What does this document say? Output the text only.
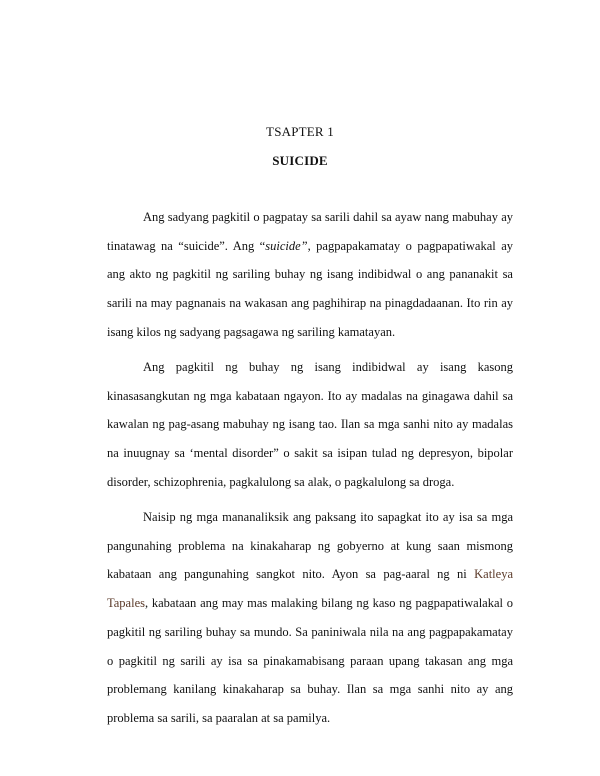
TSAPTER 1
SUICIDE

Ang sadyang pagkitil o pagpatay sa sarili dahil sa ayaw nang mabuhay ay tinatawag na “suicide”. Ang “suicide”, pagpapakamatay o pagpapatiwakal ay ang akto ng pagkitil ng sariling buhay ng isang indibidwal o ang pananakit sa sarili na may pagnanais na wakasan ang paghihirap na pinagdadaanan. Ito rin ay isang kilos ng sadyang pagsagawa ng sariling kamatayan.

Ang pagkitil ng buhay ng isang indibidwal ay isang kasong kinasasangkutan ng mga kabataan ngayon. Ito ay madalas na ginagawa dahil sa kawalan ng pag-asang mabuhay ng isang tao. Ilan sa mga sanhi nito ay madalas na inuugnay sa ‘mental disorder” o sakit sa isipan tulad ng depresyon, bipolar disorder, schizophrenia, pagkalulong sa alak, o pagkalulong sa droga.

Naisip ng mga mananaliksik ang paksang ito sapagkat ito ay isa sa mga pangunahing problema na kinakaharap ng gobyerno at kung saan mismong kabataan ang pangunahing sangkot nito. Ayon sa pag-aaral ng ni Katleya Tapales, kabataan ang may mas malaking bilang ng kaso ng pagpapatiwalakal o pagkitil ng sariling buhay sa mundo. Sa paniniwala nila na ang pagpapakamatay o pagkitil ng sarili ay isa sa pinakamabisang paraan upang takasan ang mga problemang kanilang kinakaharap sa buhay. Ilan sa mga sanhi nito ay ang problema sa sarili, sa paaralan at sa pamilya.
